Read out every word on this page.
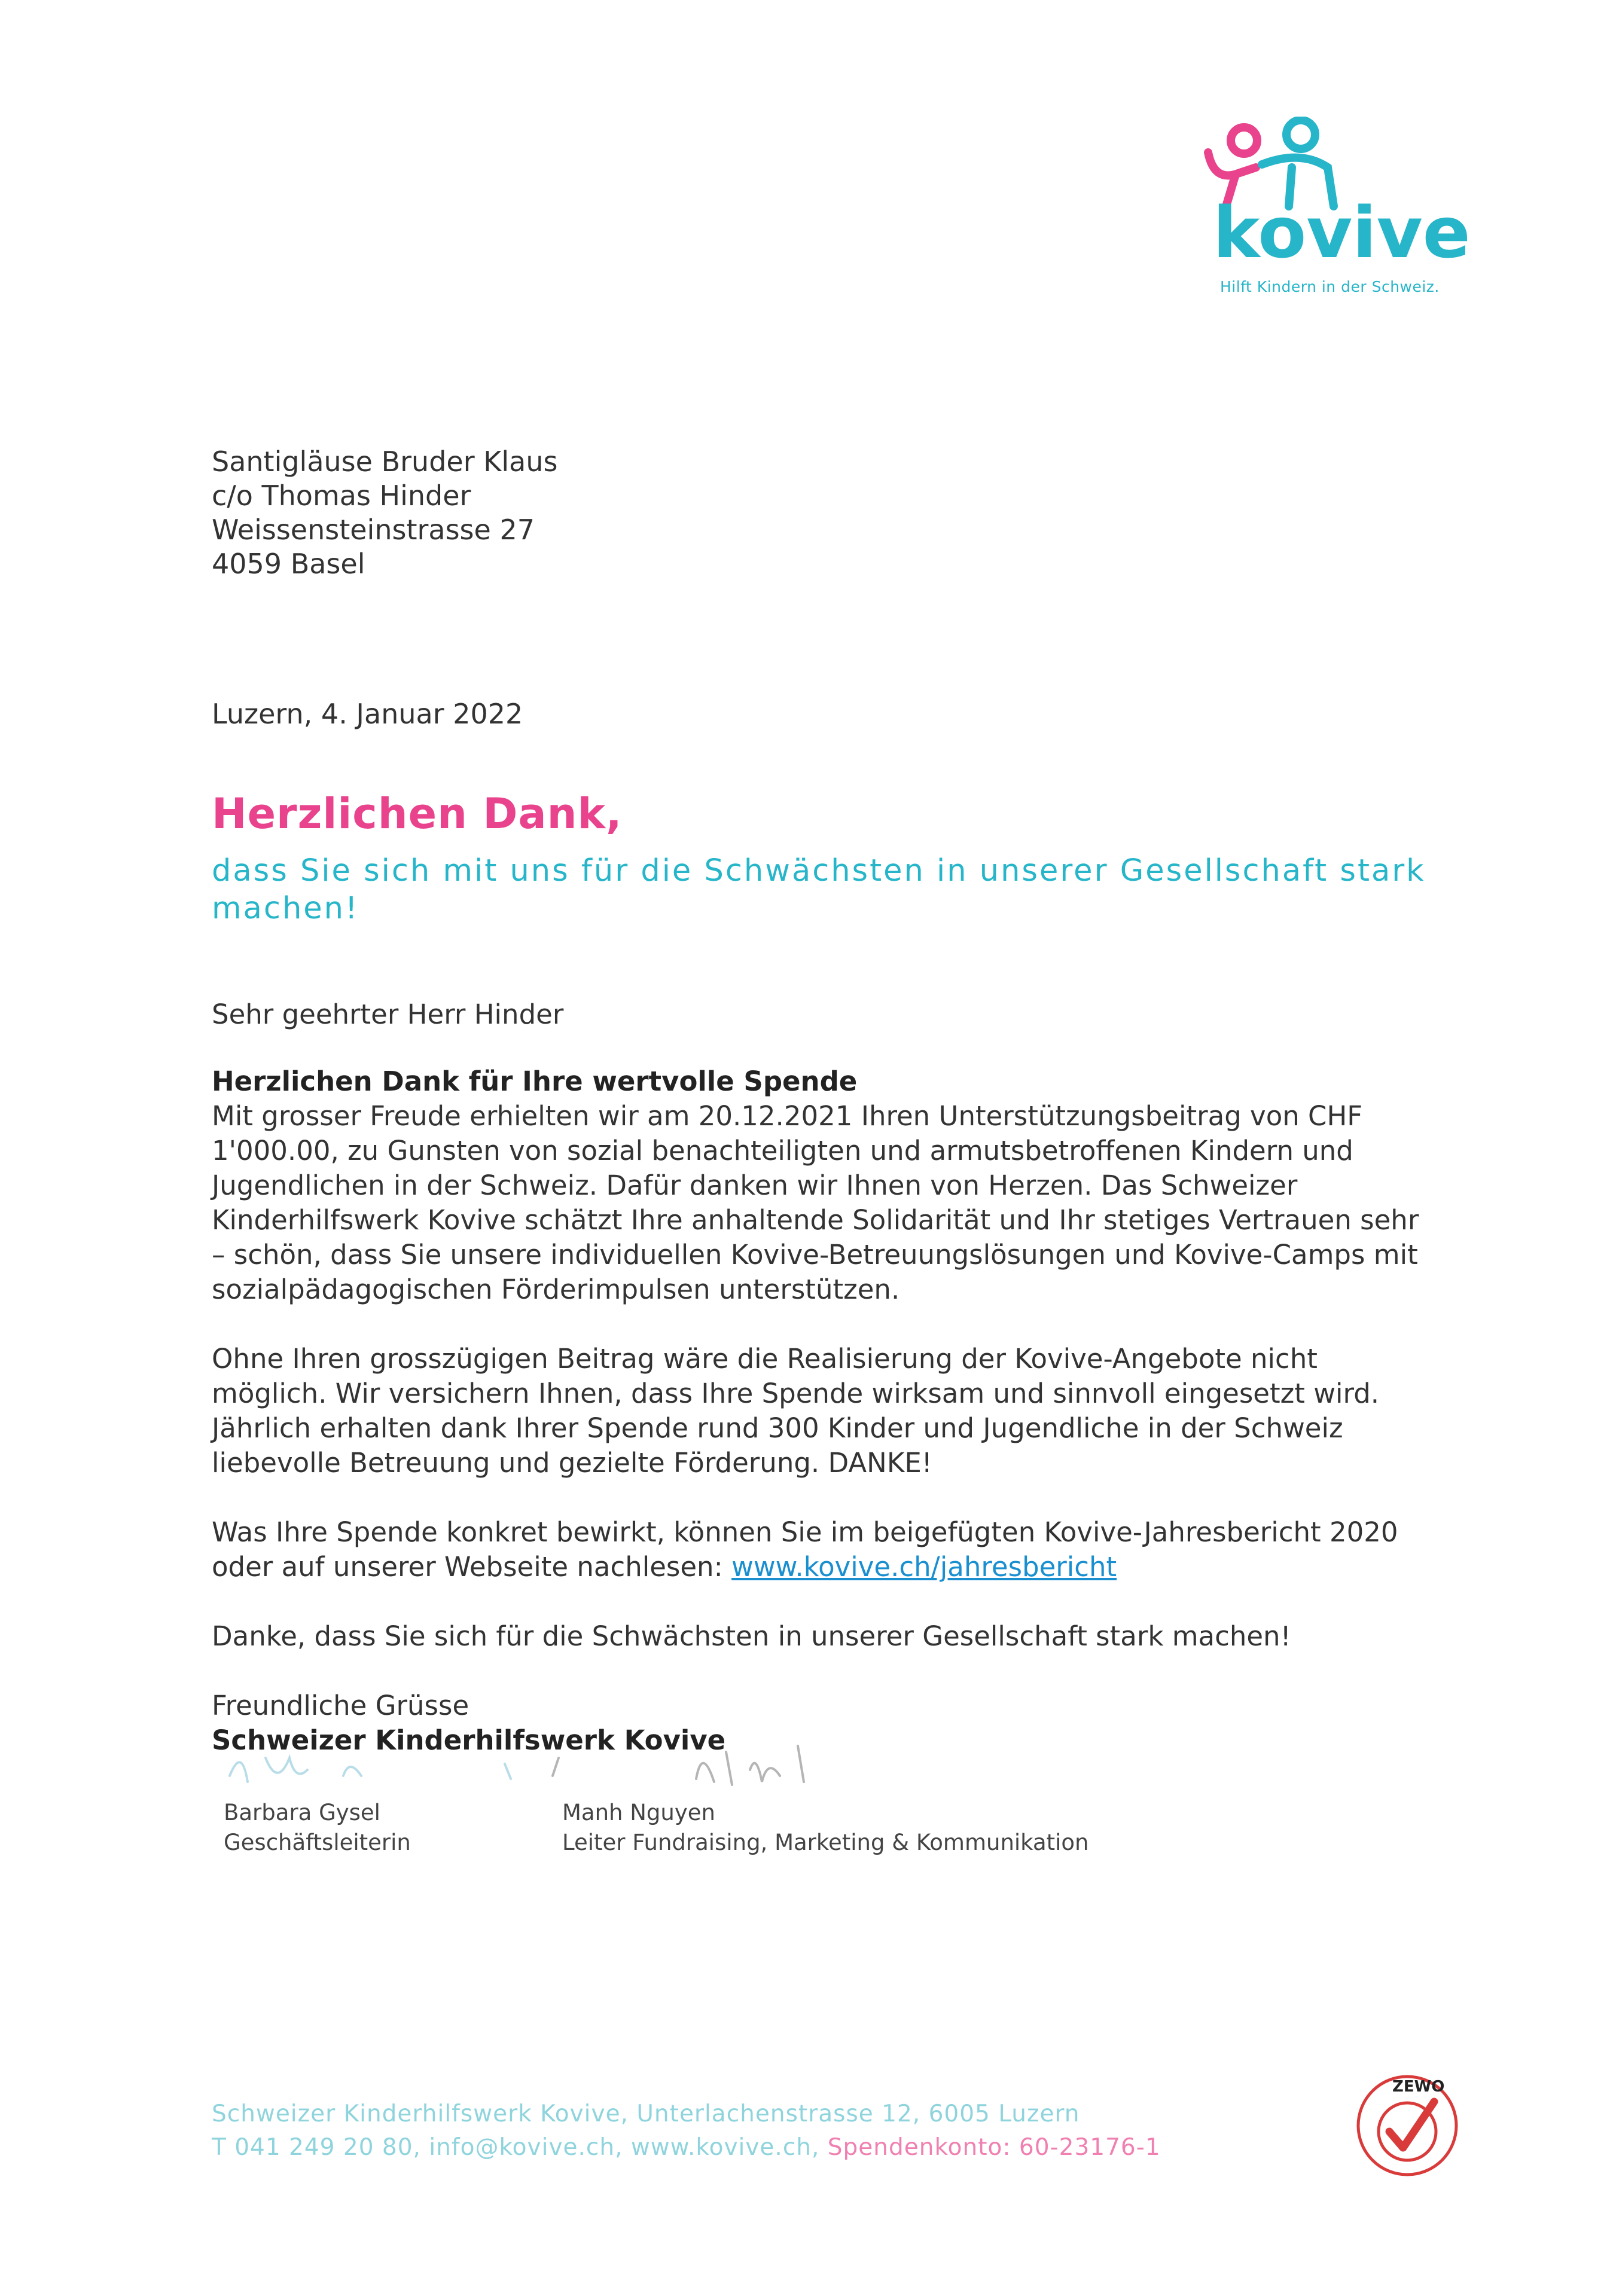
kovive
Hilft Kindern in der Schweiz.
Santigläuse Bruder Klaus
c/o Thomas Hinder
Weissensteinstrasse 27
4059 Basel
Luzern, 4. Januar 2022
Herzlichen Dank,
dass Sie sich mit uns für die Schwächsten in unserer Gesellschaft stark machen!
Sehr geehrter Herr Hinder

Herzlichen Dank für Ihre wertvolle Spende

Mit grosser Freude erhielten wir am 20.12.2021 Ihren Unterstützungsbeitrag von CHF 1'000.00, zu Gunsten von sozial benachteiligten und armutsbetroffenen Kindern und Jugendlichen in der Schweiz. Dafür danken wir Ihnen von Herzen. Das Schweizer Kinderhilfswerk Kovive schätzt Ihre anhaltende Solidarität und Ihr stetiges Vertrauen sehr – schön, dass Sie unsere individuellen Kovive-Betreuungslösungen und Kovive-Camps mit sozialpädagogischen Förderimpulsen unterstützen.

Ohne Ihren grosszügigen Beitrag wäre die Realisierung der Kovive-Angebote nicht möglich. Wir versichern Ihnen, dass Ihre Spende wirksam und sinnvoll eingesetzt wird. Jährlich erhalten dank Ihrer Spende rund 300 Kinder und Jugendliche in der Schweiz liebevolle Betreuung und gezielte Förderung. DANKE!

Was Ihre Spende konkret bewirkt, können Sie im beigefügten Kovive-Jahresbericht 2020 oder auf unserer Webseite nachlesen: www.kovive.ch/jahresbericht

Danke, dass Sie sich für die Schwächsten in unserer Gesellschaft stark machen!

Freundliche Grüsse

Schweizer Kinderhilfswerk Kovive

Barbara Gysel
Geschäftsleiterin
Manh Nguyen
Leiter Fundraising, Marketing & Kommunikation
Schweizer Kinderhilfswerk Kovive, Unterlachenstrasse 12, 6005 Luzern
T 041 249 20 80, info@kovive.ch, www.kovive.ch, Spendenkonto: 60-23176-1
ZEWO
